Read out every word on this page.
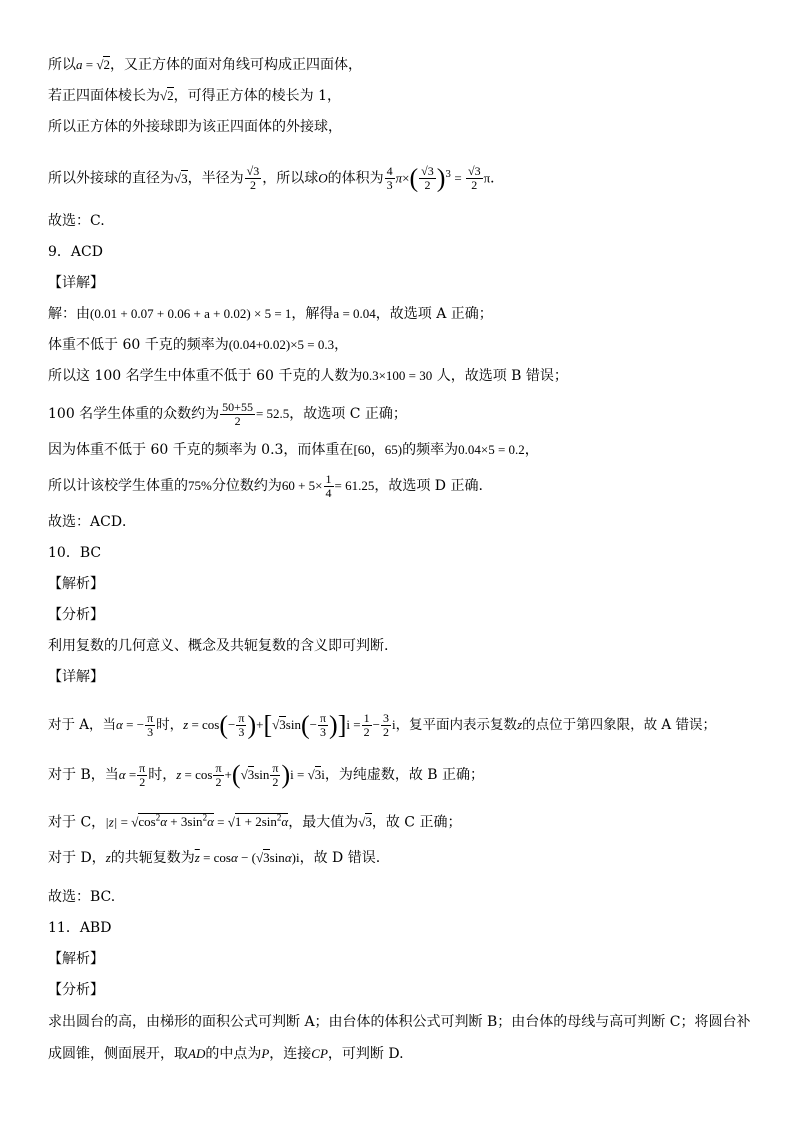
所以a = √2，又正方体的面对角线可构成正四面体，
若正四面体棱长为√2，可得正方体的棱长为 1，
所以正方体的外接球即为该正四面体的外接球，
所以外接球的直径为√3，半径为 $\frac{√3}{2}$ ，所以球O的体积为 $\frac{4}{3} \pi\times( \frac{√3}{2} )^3 = \frac{√3}{2}$ π．
故选：C.
9．ACD
【详解】
解：由(0.01 + 0.07 + 0.06 + a + 0.02) × 5 = 1，解得a = 0.04，故选项 A 正确；
体重不低于 60 千克的频率为(0.04+0.02)×5 = 0.3，
所以这 100 名学生中体重不低于 60 千克的人数为0.3×100 = 30 人，故选项 B 错误；
100 名学生体重的众数约为 $\frac{50+55}{2} = 52.5$，故选项 C 正确；
因为体重不低于 60 千克的频率为 0.3，而体重在[60，65)的频率为0.04×5 = 0.2，
所以计该校学生体重的75%分位数约为$60 + 5\times \frac{1}{4} = 61.25$，故选项 D 正确.
故选：ACD．
10．BC
【解析】
【分析】
利用复数的几何意义、概念及共轭复数的含义即可判断.
【详解】
对于 A，当α = − $\frac{\pi}{3}$ 时，$z = \cos(- \frac{\pi}{3} )+[√3\sin(- \frac{\pi}{3} )]i = \frac{1}{2} - \frac{3}{2}$ i，复平面内表示复数z的点位于第四象限，故 A 错误；
对于 B，当$\alpha = \frac{\pi}{2}$ 时，$z = \cos \frac{\pi}{2} +(√3\sin \frac{\pi}{2} )i = √3i$，为纯虚数，故 B 正确；
对于 C，$|z| = √\cos^2\alpha + 3\sin^2\alpha = √1 + 2\sin^2\alpha$，最大值为√3，故 C 正确；
对于 D，z的共轭复数为$\overline{z} = \cos\alpha - (√3\sin\alpha)i$，故 D 错误.
故选：BC.
11．ABD
【解析】
【分析】
求出圆台的高，由梯形的面积公式可判断 A；由台体的体积公式可判断 B；由台体的母线与高可判断 C；将圆台补
成圆锥，侧面展开，取AD的中点为P，连接CP，可判断 D.
